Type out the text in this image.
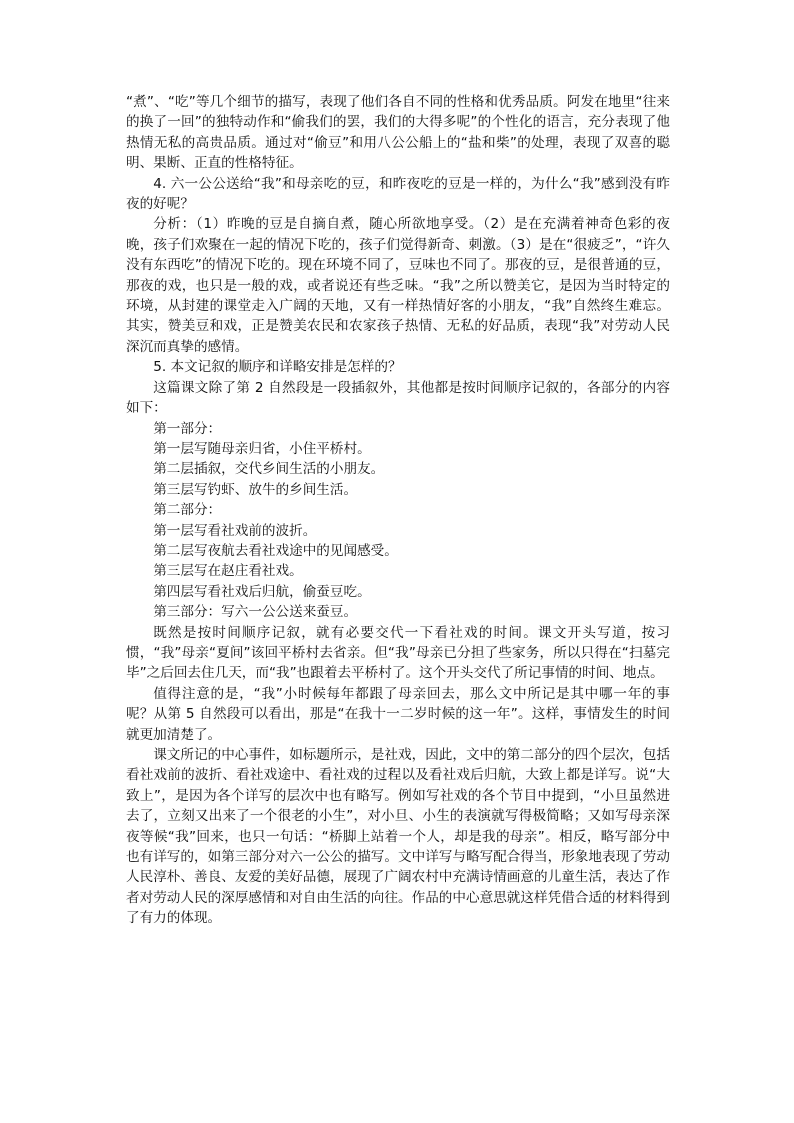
“煮”、“吃”等几个细节的描写，表现了他们各自不同的性格和优秀品质。阿发在地里“往来的换了一回”的独特动作和“偷我们的罢，我们的大得多呢”的个性化的语言，充分表现了他热情无私的高贵品质。通过对“偷豆”和用八公公船上的“盐和柴”的处理，表现了双喜的聪明、果断、正直的性格特征。

4. 六一公公送给“我”和母亲吃的豆，和昨夜吃的豆是一样的，为什么“我”感到没有昨夜的好呢？

分析：（1）昨晚的豆是自摘自煮，随心所欲地享受。（2）是在充满着神奇色彩的夜晚，孩子们欢聚在一起的情况下吃的，孩子们觉得新奇、刺激。（3）是在“很疲乏”，“许久没有东西吃”的情况下吃的。现在环境不同了，豆味也不同了。那夜的豆，是很普通的豆，那夜的戏，也只是一般的戏，或者说还有些乏味。“我”之所以赞美它，是因为当时特定的环境，从封建的课堂走入广阔的天地，又有一样热情好客的小朋友，“我”自然终生难忘。其实，赞美豆和戏，正是赞美农民和农家孩子热情、无私的好品质，表现“我”对劳动人民深沉而真挚的感情。

5. 本文记叙的顺序和详略安排是怎样的？

这篇课文除了第 2 自然段是一段插叙外，其他都是按时间顺序记叙的，各部分的内容如下：

第一部分：

第一层写随母亲归省，小住平桥村。

第二层插叙，交代乡间生活的小朋友。

第三层写钓虾、放牛的乡间生活。

第二部分：

第一层写看社戏前的波折。

第二层写夜航去看社戏途中的见闻感受。

第三层写在赵庄看社戏。

第四层写看社戏后归航，偷蚕豆吃。

第三部分：写六一公公送来蚕豆。

既然是按时间顺序记叙，就有必要交代一下看社戏的时间。课文开头写道，按习惯，“我”母亲“夏间”该回平桥村去省亲。但“我”母亲已分担了些家务，所以只得在“扫墓完毕”之后回去住几天，而“我”也跟着去平桥村了。这个开头交代了所记事情的时间、地点。

值得注意的是，“我”小时候每年都跟了母亲回去，那么文中所记是其中哪一年的事呢？从第 5 自然段可以看出，那是“在我十一二岁时候的这一年”。这样，事情发生的时间就更加清楚了。

课文所记的中心事件，如标题所示，是社戏，因此，文中的第二部分的四个层次，包括看社戏前的波折、看社戏途中、看社戏的过程以及看社戏后归航，大致上都是详写。说“大致上”，是因为各个详写的层次中也有略写。例如写社戏的各个节目中提到，“小旦虽然进去了，立刻又出来了一个很老的小生”，对小旦、小生的表演就写得极简略；又如写母亲深夜等候“我”回来，也只一句话：“桥脚上站着一个人，却是我的母亲”。相反，略写部分中也有详写的，如第三部分对六一公公的描写。文中详写与略写配合得当，形象地表现了劳动人民淳朴、善良、友爱的美好品德，展现了广阔农村中充满诗情画意的儿童生活，表达了作者对劳动人民的深厚感情和对自由生活的向往。作品的中心意思就这样凭借合适的材料得到了有力的体现。
